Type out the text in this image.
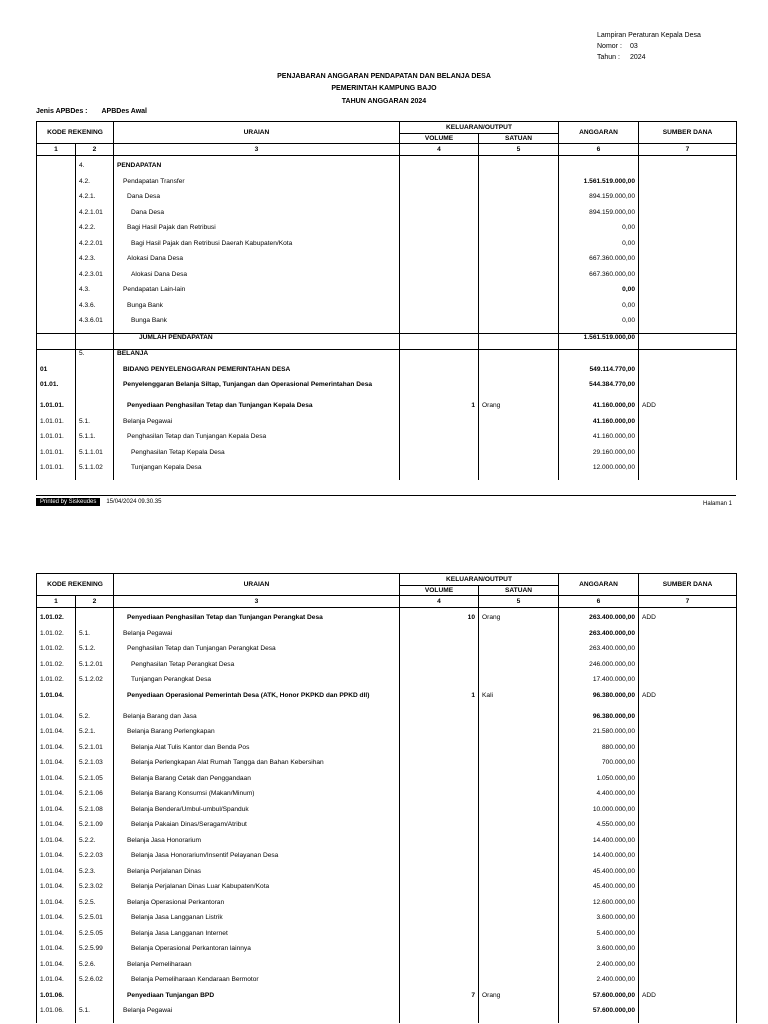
Lampiran Peraturan Kepala Desa
Nomor : 03
Tahun : 2024
PENJABARAN ANGGARAN PENDAPATAN DAN BELANJA DESA
PEMERINTAH KAMPUNG BAJO
TAHUN ANGGARAN 2024
Jenis APBDes : APBDes Awal
KODE REKENING		URAIAN	KELUARAN/OUTPUT		ANGGARAN	SUMBER DANA
			VOLUME	SATUAN		
1	2	3	4	5	6	7

	4.	PENDAPATAN				
	4.2.	Pendapatan Transfer			1.561.519.000,00	
	4.2.1.	Dana Desa			894.159.000,00	
	4.2.1.01	Dana Desa			894.159.000,00	
	4.2.2.	Bagi Hasil Pajak dan Retribusi			0,00	
	4.2.2.01	Bagi Hasil Pajak dan Retribusi Daerah Kabupaten/Kota			0,00	
	4.2.3.	Alokasi Dana Desa			667.360.000,00	
	4.2.3.01	Alokasi Dana Desa			667.360.000,00	
	4.3.	Pendapatan Lain-lain			0,00	
	4.3.6.	Bunga Bank			0,00	
	4.3.6.01	Bunga Bank			0,00	
		JUMLAH PENDAPATAN			1.561.519.000,00	
	5.	BELANJA				
01		BIDANG PENYELENGGARAN PEMERINTAHAN DESA			549.114.770,00	
01.01.		Penyelenggaran Belanja Siltap, Tunjangan dan Operasional Pemerintahan Desa			544.384.770,00	
1.01.01.		Penyediaan Penghasilan Tetap dan Tunjangan Kepala Desa	1	Orang	41.160.000,00	ADD
1.01.01.	5.1.	Belanja Pegawai			41.160.000,00	
1.01.01.	5.1.1.	Penghasilan Tetap dan Tunjangan Kepala Desa			41.160.000,00	
1.01.01.	5.1.1.01	Penghasilan Tetap Kepala Desa			29.160.000,00	
1.01.01.	5.1.1.02	Tunjangan Kepala Desa			12.000.000,00	
Printed by Siskeudes	15/04/2024 09.30.35	Halaman 1
KODE REKENING		URAIAN	KELUARAN/OUTPUT		ANGGARAN	SUMBER DANA
			VOLUME	SATUAN		
1	2	3	4	5	6	7

1.01.02.		Penyediaan Penghasilan Tetap dan Tunjangan Perangkat Desa	10	Orang	263.400.000,00	ADD
1.01.02.	5.1.	Belanja Pegawai			263.400.000,00	
1.01.02.	5.1.2.	Penghasilan Tetap dan Tunjangan Perangkat Desa			263.400.000,00	
1.01.02.	5.1.2.01	Penghasilan Tetap Perangkat Desa			246.000.000,00	
1.01.02.	5.1.2.02	Tunjangan Perangkat Desa			17.400.000,00	
1.01.04.		Penyediaan Operasional Pemerintah Desa (ATK, Honor PKPKD dan PPKD dll)	1	Kali	96.380.000,00	ADD
1.01.04.	5.2.	Belanja Barang dan Jasa			96.380.000,00	
1.01.04.	5.2.1.	Belanja Barang Perlengkapan			21.580.000,00	
1.01.04.	5.2.1.01	Belanja Alat Tulis Kantor dan Benda Pos			880.000,00	
1.01.04.	5.2.1.03	Belanja Perlengkapan Alat Rumah Tangga dan Bahan Kebersihan			700.000,00	
1.01.04.	5.2.1.05	Belanja Barang Cetak dan Penggandaan			1.050.000,00	
1.01.04.	5.2.1.06	Belanja Barang Konsumsi (Makan/Minum)			4.400.000,00	
1.01.04.	5.2.1.08	Belanja Bendera/Umbul-umbul/Spanduk			10.000.000,00	
1.01.04.	5.2.1.09	Belanja Pakaian Dinas/Seragam/Atribut			4.550.000,00	
1.01.04.	5.2.2.	Belanja Jasa Honorarium			14.400.000,00	
1.01.04.	5.2.2.03	Belanja Jasa Honorarium/Insentif Pelayanan Desa			14.400.000,00	
1.01.04.	5.2.3.	Belanja Perjalanan Dinas			45.400.000,00	
1.01.04.	5.2.3.02	Belanja Perjalanan Dinas Luar Kabupaten/Kota			45.400.000,00	
1.01.04.	5.2.5.	Belanja Operasional Perkantoran			12.600.000,00	
1.01.04.	5.2.5.01	Belanja Jasa Langganan Listrik			3.600.000,00	
1.01.04.	5.2.5.05	Belanja Jasa Langganan Internet			5.400.000,00	
1.01.04.	5.2.5.99	Belanja Operasional Perkantoran lainnya			3.600.000,00	
1.01.04.	5.2.6.	Belanja Pemeliharaan			2.400.000,00	
1.01.04.	5.2.6.02	Belanja Pemeliharaan Kendaraan Bermotor			2.400.000,00	
1.01.06.		Penyediaan Tunjangan BPD	7	Orang	57.600.000,00	ADD
1.01.06.	5.1.	Belanja Pegawai			57.600.000,00	
